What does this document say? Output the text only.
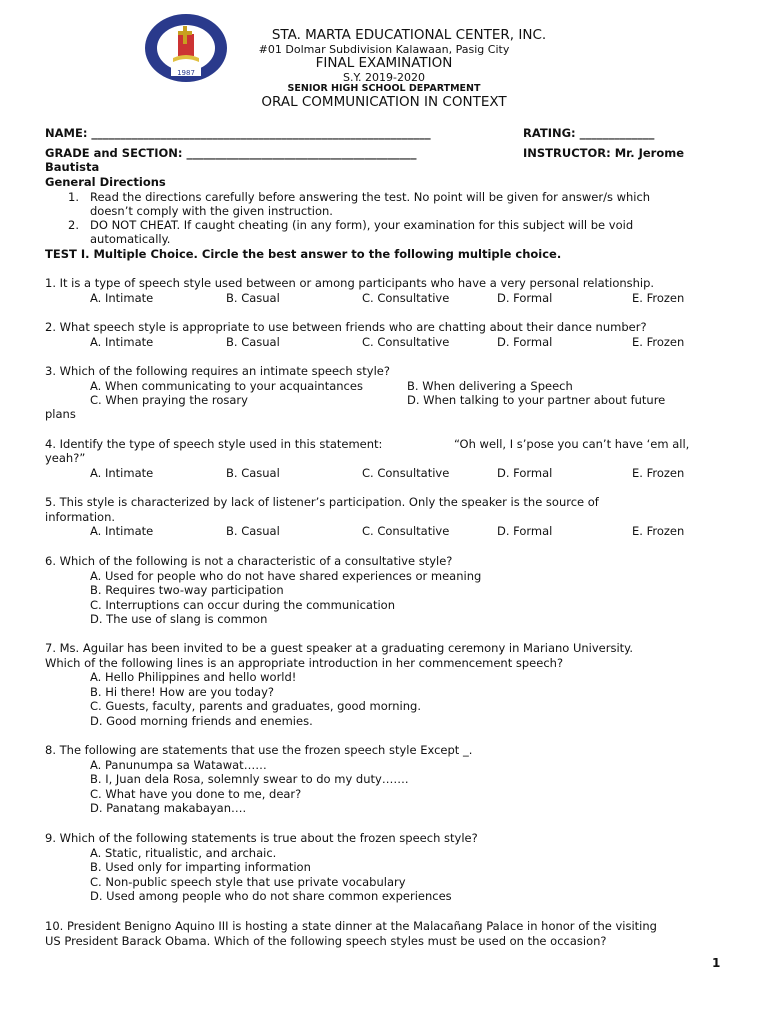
1987
STA. MARTA EDUCATIONAL CENTER, INC.
#01 Dolmar Subdivision Kalawaan, Pasig City
FINAL EXAMINATION
S.Y. 2019-2020
SENIOR HIGH SCHOOL DEPARTMENT
ORAL COMMUNICATION IN CONTEXT
NAME: ___________________________________________________________	RATING: _____________
GRADE and SECTION: ________________________________________	INSTRUCTOR: Mr. Jerome
Bautista
General Directions
1. Read the directions carefully before answering the test. No point will be given for answer/s which
doesn’t comply with the given instruction.
2. DO NOT CHEAT. If caught cheating (in any form), your examination for this subject will be void
automatically.
TEST I. Multiple Choice. Circle the best answer to the following multiple choice.
1. It is a type of speech style used between or among participants who have a very personal relationship.
A. Intimate	B. Casual	C. Consultative	D. Formal	E. Frozen
2. What speech style is appropriate to use between friends who are chatting about their dance number?
A. Intimate	B. Casual	C. Consultative	D. Formal	E. Frozen
3. Which of the following requires an intimate speech style?
A. When communicating to your acquaintances	B. When delivering a Speech
C. When praying the rosary	D. When talking to your partner about future
plans
4. Identify the type of speech style used in this statement:	“Oh well, I s’pose you can’t have ‘em all,
yeah?”
A. Intimate	B. Casual	C. Consultative	D. Formal	E. Frozen
5. This style is characterized by lack of listener’s participation. Only the speaker is the source of
information.
A. Intimate	B. Casual	C. Consultative	D. Formal	E. Frozen
6. Which of the following is not a characteristic of a consultative style?
A. Used for people who do not have shared experiences or meaning
B. Requires two-way participation
C. Interruptions can occur during the communication
D. The use of slang is common
7. Ms. Aguilar has been invited to be a guest speaker at a graduating ceremony in Mariano University.
Which of the following lines is an appropriate introduction in her commencement speech?
A. Hello Philippines and hello world!
B. Hi there! How are you today?
C. Guests, faculty, parents and graduates, good morning.
D. Good morning friends and enemies.
8. The following are statements that use the frozen speech style Except _.
A. Panunumpa sa Watawat……
B. I, Juan dela Rosa, solemnly swear to do my duty…….
C. What have you done to me, dear?
D. Panatang makabayan….
9. Which of the following statements is true about the frozen speech style?
A. Static, ritualistic, and archaic.
B. Used only for imparting information
C. Non-public speech style that use private vocabulary
D. Used among people who do not share common experiences
10. President Benigno Aquino III is hosting a state dinner at the Malacañang Palace in honor of the visiting
US President Barack Obama. Which of the following speech styles must be used on the occasion?
1
